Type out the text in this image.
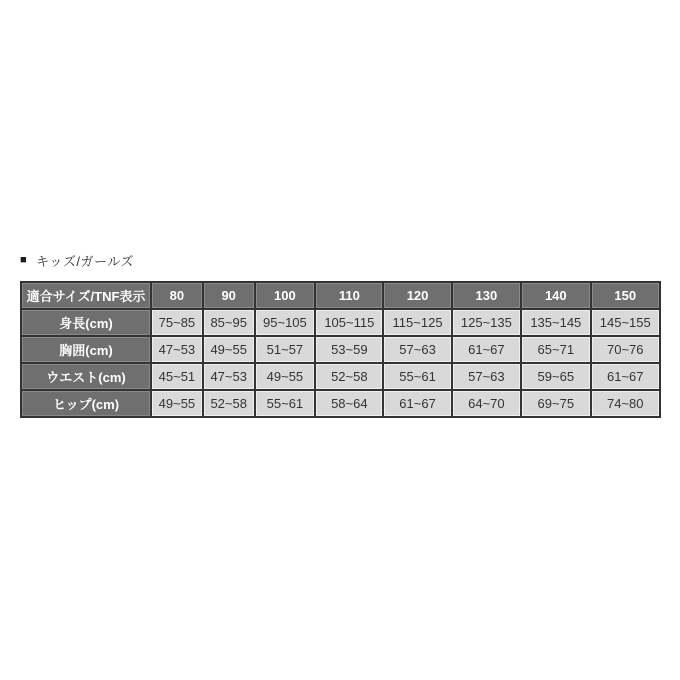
■ キッズ/ガールズ
適合サイズ/TNF表示	80	90	100	110	120	130	140	150
身長(cm)	75~85	85~95	95~105	105~115	115~125	125~135	135~145	145~155
胸囲(cm)	47~53	49~55	51~57	53~59	57~63	61~67	65~71	70~76
ウエスト(cm)	45~51	47~53	49~55	52~58	55~61	57~63	59~65	61~67
ヒップ(cm)	49~55	52~58	55~61	58~64	61~67	64~70	69~75	74~80
